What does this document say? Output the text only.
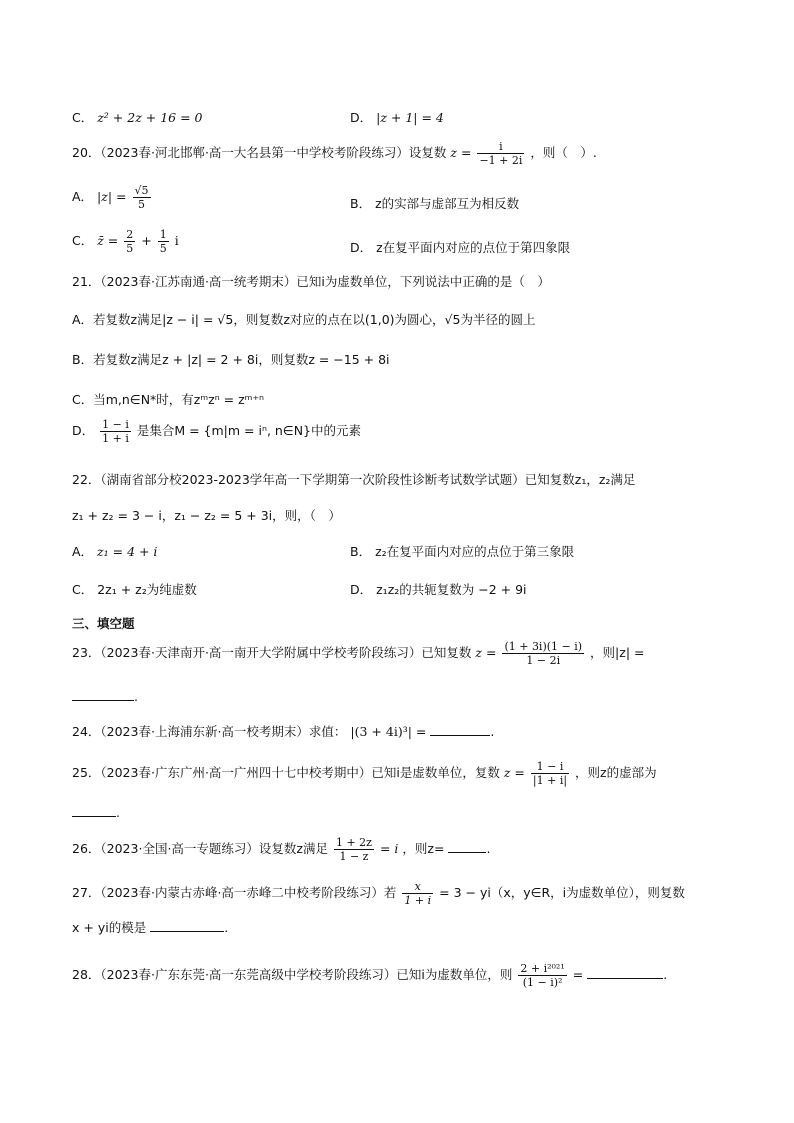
C． z² + 2z + 16 = 0	D． |z + 1| = 4
20．（2023春·河北邯郸·高一大名县第一中学校考阶段练习）设复数 $z = \frac{i}{-1 + 2i}$ ，则（　）.
A． $|z| = \frac{√5}{5}$	B． z的实部与虚部互为相反数
C． z̄ = $\frac{2}{5} + \frac{1}{5}$ i	D． z在复平面内对应的点位于第四象限
21．（2023春·江苏南通·高一统考期末）已知i为虚数单位，下列说法中正确的是（　）
A．若复数z满足|z − i| = √5，则复数z对应的点在以(1,0)为圆心，√5为半径的圆上
B．若复数z满足z + |z| = 2 + 8i，则复数z = −15 + 8i
C．当m,n∈N*时，有zᵐzⁿ = zᵐ⁺ⁿ
D． $\frac{1 - i}{1 + i}$ 是集合M = {m|m = iⁿ, n∈N}中的元素
22．（湖南省部分校2023-2023学年高一下学期第一次阶段性诊断考试数学试题）已知复数z₁，z₂满足
z₁ + z₂ = 3 − i，z₁ − z₂ = 5 + 3i，则，（　）
A． z₁ = 4 + i	B． z₂在复平面内对应的点位于第三象限
C． 2z₁ + z₂为纯虚数	D． z₁z₂的共轭复数为 −2 + 9i
三、填空题
23．（2023春·天津南开·高一南开大学附属中学校考阶段练习）已知复数 $z = \frac{(1 + 3i)(1 - i)}{1 - 2i}$ ，则|z| =
.
24．（2023春·上海浦东新·高一校考期末）求值： |(3 + 4i)³| =	.
25．（2023春·广东广州·高一广州四十七中校考期中）已知i是虚数单位，复数 $z = \frac{1 - i}{|1 + i|}$ ，则z的虚部为
.
26．（2023·全国·高一专题练习）设复数z满足 $\frac{1 + 2z}{1 - z} = i$ ，则z=	.
27．（2023春·内蒙古赤峰·高一赤峰二中校考阶段练习）若 $\frac{x}{1 + i} = 3 - yi(x$，y∈R，i为虚数单位），则复数
x + yi的模是	.
28．（2023春·广东东莞·高一东莞高级中学校考阶段练习）已知i为虚数单位，则 $\frac{\text{2 + i²⁰²¹}}{\text{(1 − i)²}}$ =	.
